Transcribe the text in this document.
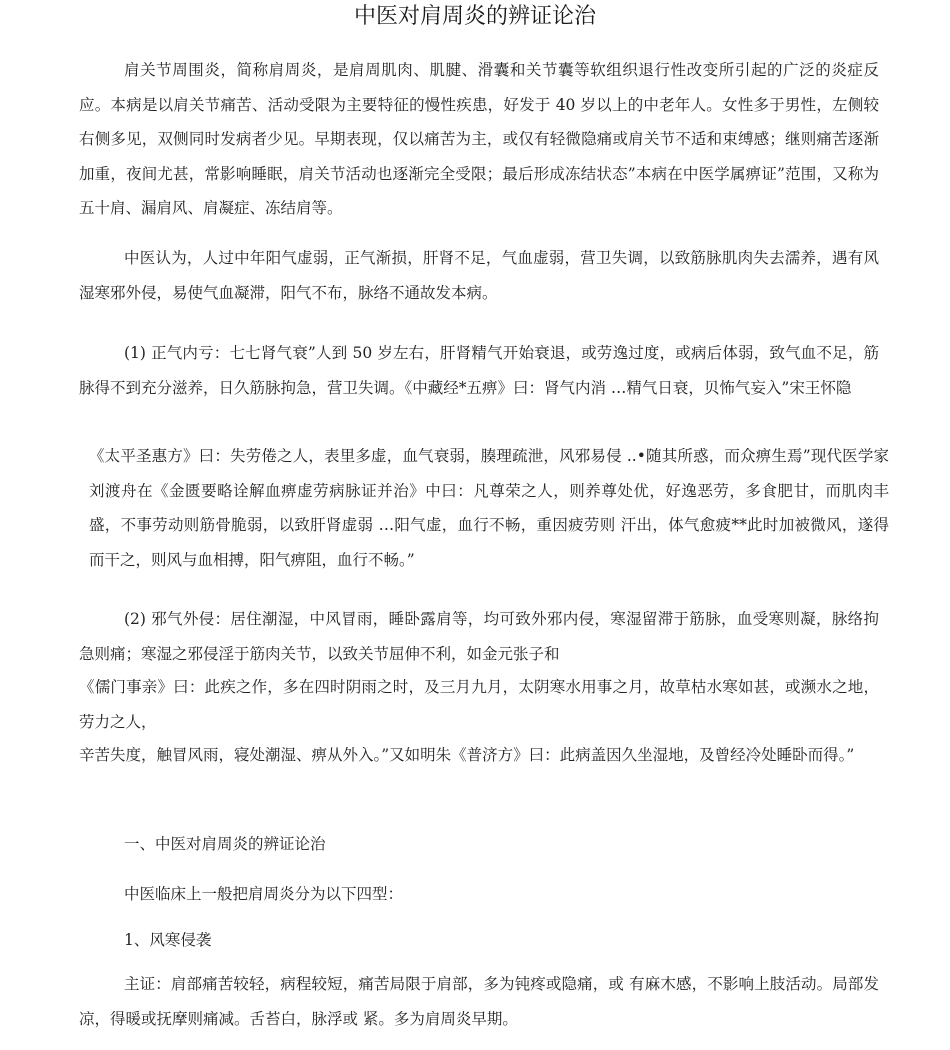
中医对肩周炎的辨证论治

肩关节周围炎，简称肩周炎，是肩周肌肉、肌腱、滑囊和关节囊等软组织退行性改变所引起的广泛的炎症反应。本病是以肩关节痛苦、活动受限为主要特征的慢性疾患，好发于 40 岁以上的中老年人。女性多于男性，左侧较右侧多见，双侧同时发病者少见。早期表现，仅以痛苦为主，或仅有轻微隐痛或肩关节不适和束缚感；继则痛苦逐渐加重，夜间尤甚，常影响睡眠，肩关节活动也逐渐完全受限；最后形成冻结状态”本病在中医学属痹证”范围，又称为五十肩、漏肩风、肩凝症、冻结肩等。

中医认为，人过中年阳气虚弱，正气渐损，肝肾不足，气血虚弱，营卫失调，以致筋脉肌肉失去濡养，遇有风湿寒邪外侵，易使气血凝滞，阳气不布，脉络不通故发本病。

(1) 正气内亏：七七肾气衰”人到 50 岁左右，肝肾精气开始衰退，或劳逸过度，或病后体弱，致气血不足，筋脉得不到充分滋养，日久筋脉拘急，营卫失调。《中藏经*五痹》曰：肾气内消 …精气日衰，贝怖气妄入”宋王怀隐

《太平圣惠方》曰：失劳倦之人，表里多虚，血气衰弱，腠理疏泄，风邪易侵 ..•随其所惑，而众痹生焉”现代医学家刘渡舟在《金匮要略诠解血痹虚劳病脉证并治》中曰：凡尊荣之人，则养尊处优，好逸恶劳，多食肥甘，而肌肉丰盛，不事劳动则筋骨脆弱，以致肝肾虚弱 …阳气虚，血行不畅，重因疲劳则 汗出，体气愈疲**此时加被微风，遂得而干之，则风与血相搏，阳气痹阻，血行不畅。”

(2) 邪气外侵：居住潮湿，中风冒雨，睡卧露肩等，均可致外邪内侵，寒湿留滞于筋脉，血受寒则凝，脉络拘急则痛；寒湿之邪侵淫于筋肉关节，以致关节屈伸不利，如金元张子和

《儒门事亲》曰：此疾之作，多在四时阴雨之时，及三月九月，太阴寒水用事之月，故草枯水寒如甚，或濒水之地，劳力之人，

辛苦失度，触冒风雨，寝处潮湿、痹从外入。”又如明朱《普济方》曰：此病盖因久坐湿地，及曾经冷处睡卧而得。”

一、中医对肩周炎的辨证论治

中医临床上一般把肩周炎分为以下四型：

1、风寒侵袭

主证：肩部痛苦较轻，病程较短，痛苦局限于肩部，多为钝疼或隐痛，或 有麻木感，不影响上肢活动。局部发凉，得暖或抚摩则痛减。舌苔白，脉浮或 紧。多为肩周炎早期。
